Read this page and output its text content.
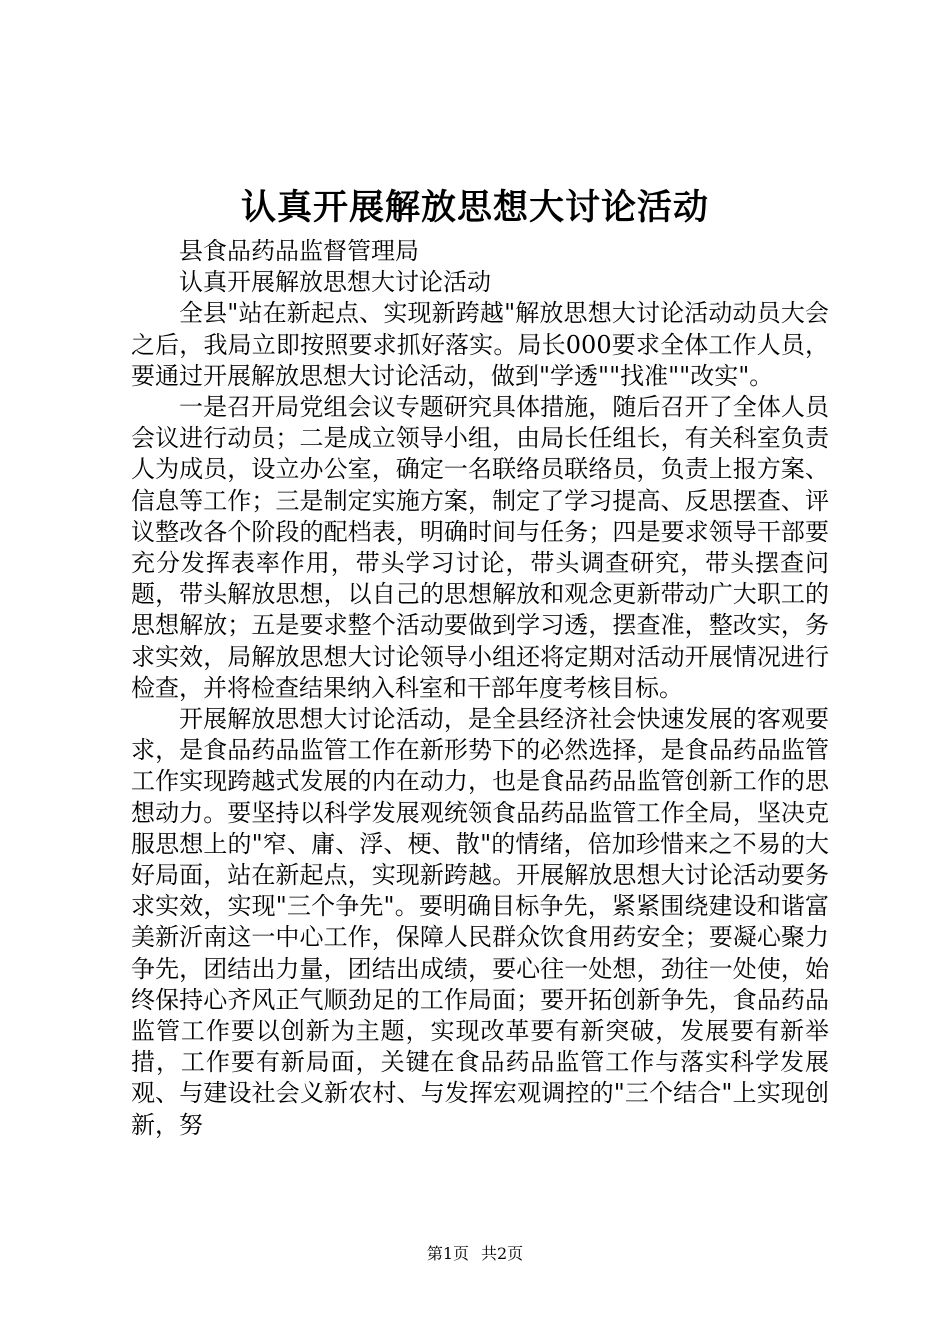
认真开展解放思想大讨论活动

县食品药品监督管理局

认真开展解放思想大讨论活动

全县"站在新起点、实现新跨越"解放思想大讨论活动动员大会之后，我局立即按照要求抓好落实。局长000要求全体工作人员，要通过开展解放思想大讨论活动，做到"学透""找准""改实"。

一是召开局党组会议专题研究具体措施，随后召开了全体人员会议进行动员；二是成立领导小组，由局长任组长，有关科室负责人为成员，设立办公室，确定一名联络员联络员，负责上报方案、信息等工作；三是制定实施方案，制定了学习提高、反思摆查、评议整改各个阶段的配档表，明确时间与任务；四是要求领导干部要充分发挥表率作用，带头学习讨论，带头调查研究，带头摆查问题，带头解放思想，以自己的思想解放和观念更新带动广大职工的思想解放；五是要求整个活动要做到学习透，摆查准，整改实，务求实效，局解放思想大讨论领导小组还将定期对活动开展情况进行检查，并将检查结果纳入科室和干部年度考核目标。

开展解放思想大讨论活动，是全县经济社会快速发展的客观要求，是食品药品监管工作在新形势下的必然选择，是食品药品监管工作实现跨越式发展的内在动力，也是食品药品监管创新工作的思想动力。要坚持以科学发展观统领食品药品监管工作全局，坚决克服思想上的"窄、庸、浮、梗、散"的情绪，倍加珍惜来之不易的大好局面，站在新起点，实现新跨越。开展解放思想大讨论活动要务求实效，实现"三个争先"。要明确目标争先，紧紧围绕建设和谐富美新沂南这一中心工作，保障人民群众饮食用药安全；要凝心聚力争先，团结出力量，团结出成绩，要心往一处想，劲往一处使，始终保持心齐风正气顺劲足的工作局面；要开拓创新争先，食品药品监管工作要以创新为主题，实现改革要有新突破，发展要有新举措，工作要有新局面，关键在食品药品监管工作与落实科学发展观、与建设社会义新农村、与发挥宏观调控的"三个结合"上实现创新，努

第1页 共2页
